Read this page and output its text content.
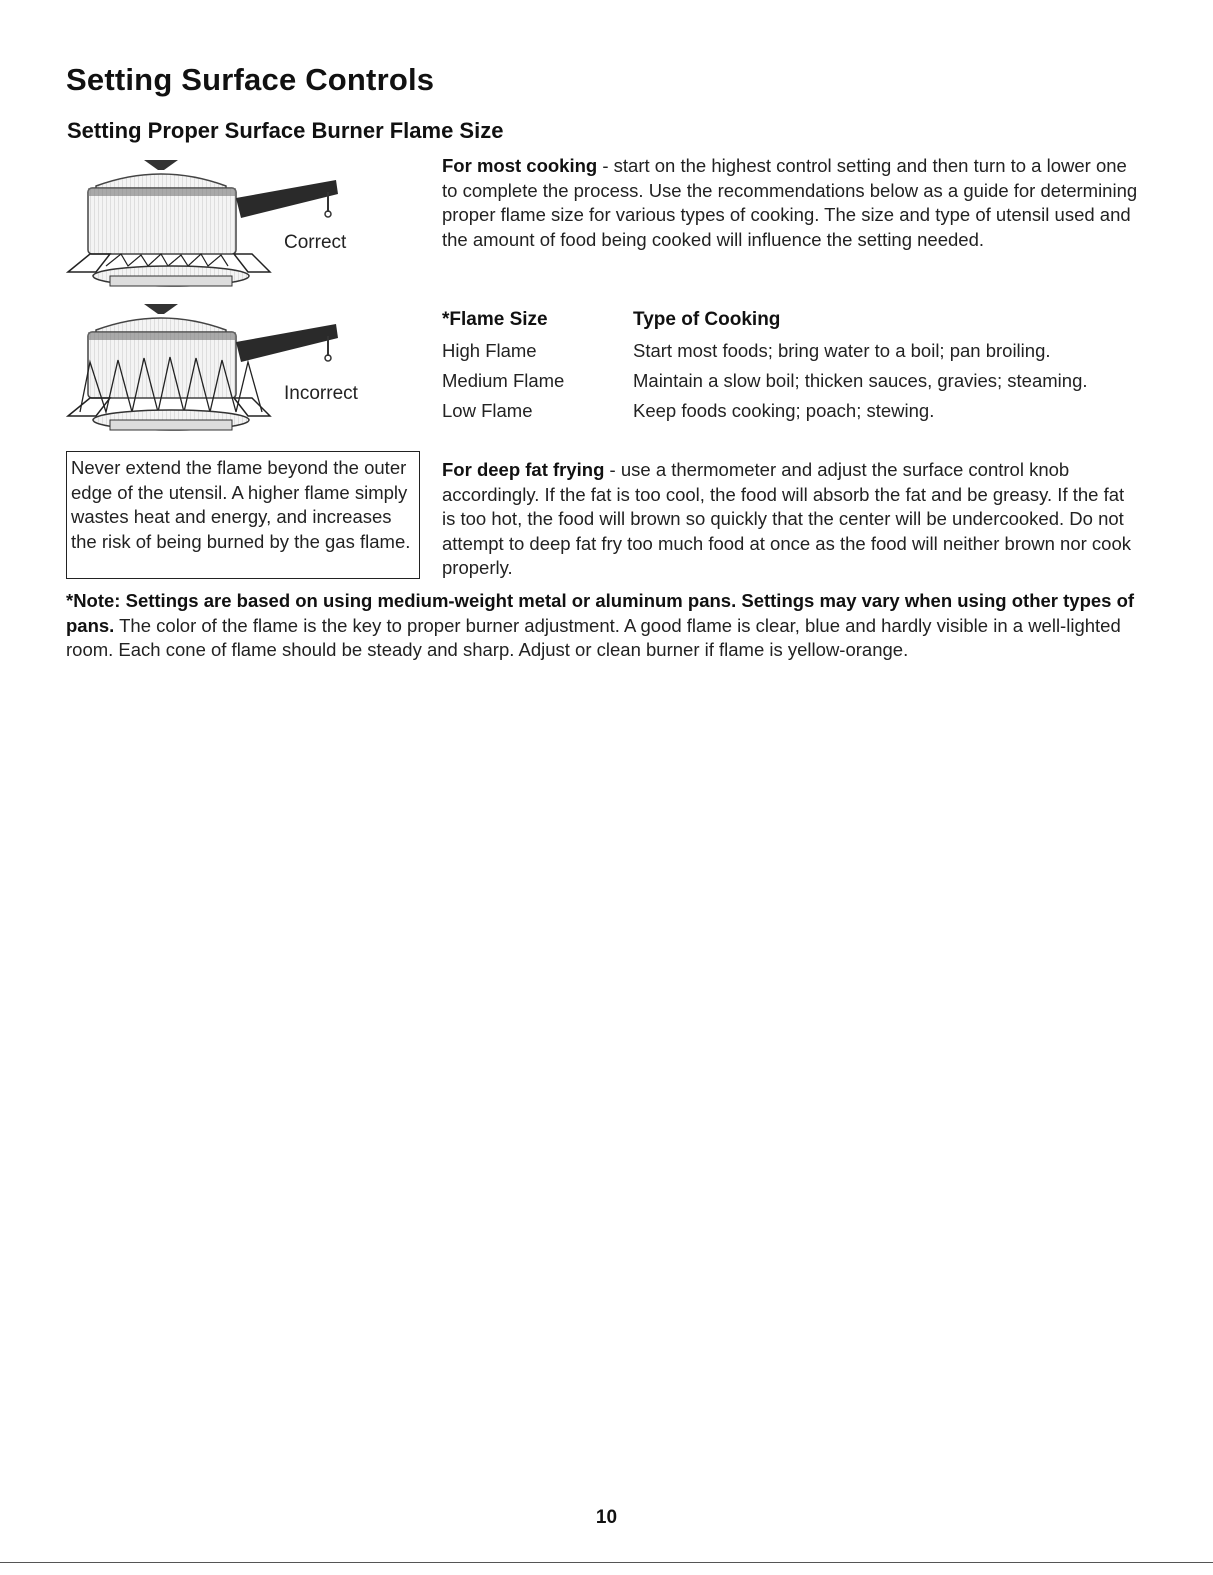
Setting Surface Controls
Setting Proper Surface Burner Flame Size
Correct
Incorrect
For most cooking - start on the highest control setting and then turn to a lower one to complete the process. Use the recommendations below as a guide for determining proper flame size for various types of cooking. The size and type of utensil used and the amount of food being cooked will influence the setting needed.
*Flame Size	Type of Cooking
High Flame	Start most foods; bring water to a boil; pan broiling.
Medium Flame	Maintain a slow boil; thicken sauces, gravies; steaming.
Low Flame	Keep foods cooking; poach; stewing.
Never extend the flame beyond the outer edge of the utensil. A higher flame simply wastes heat and energy, and increases the risk of being burned by the gas flame.
For deep fat frying - use a thermometer and adjust the surface control knob accordingly. If the fat is too cool, the food will absorb the fat and be greasy. If the fat is too hot, the food will brown so quickly that the center will be undercooked. Do not attempt to deep fat fry too much food at once as the food will neither brown nor cook properly.
*Note: Settings are based on using medium-weight metal or aluminum pans. Settings may vary when using other types of pans. The color of the flame is the key to proper burner adjustment. A good flame is clear, blue and hardly visible in a well-lighted room. Each cone of flame should be steady and sharp. Adjust or clean burner if flame is yellow-orange.
10
